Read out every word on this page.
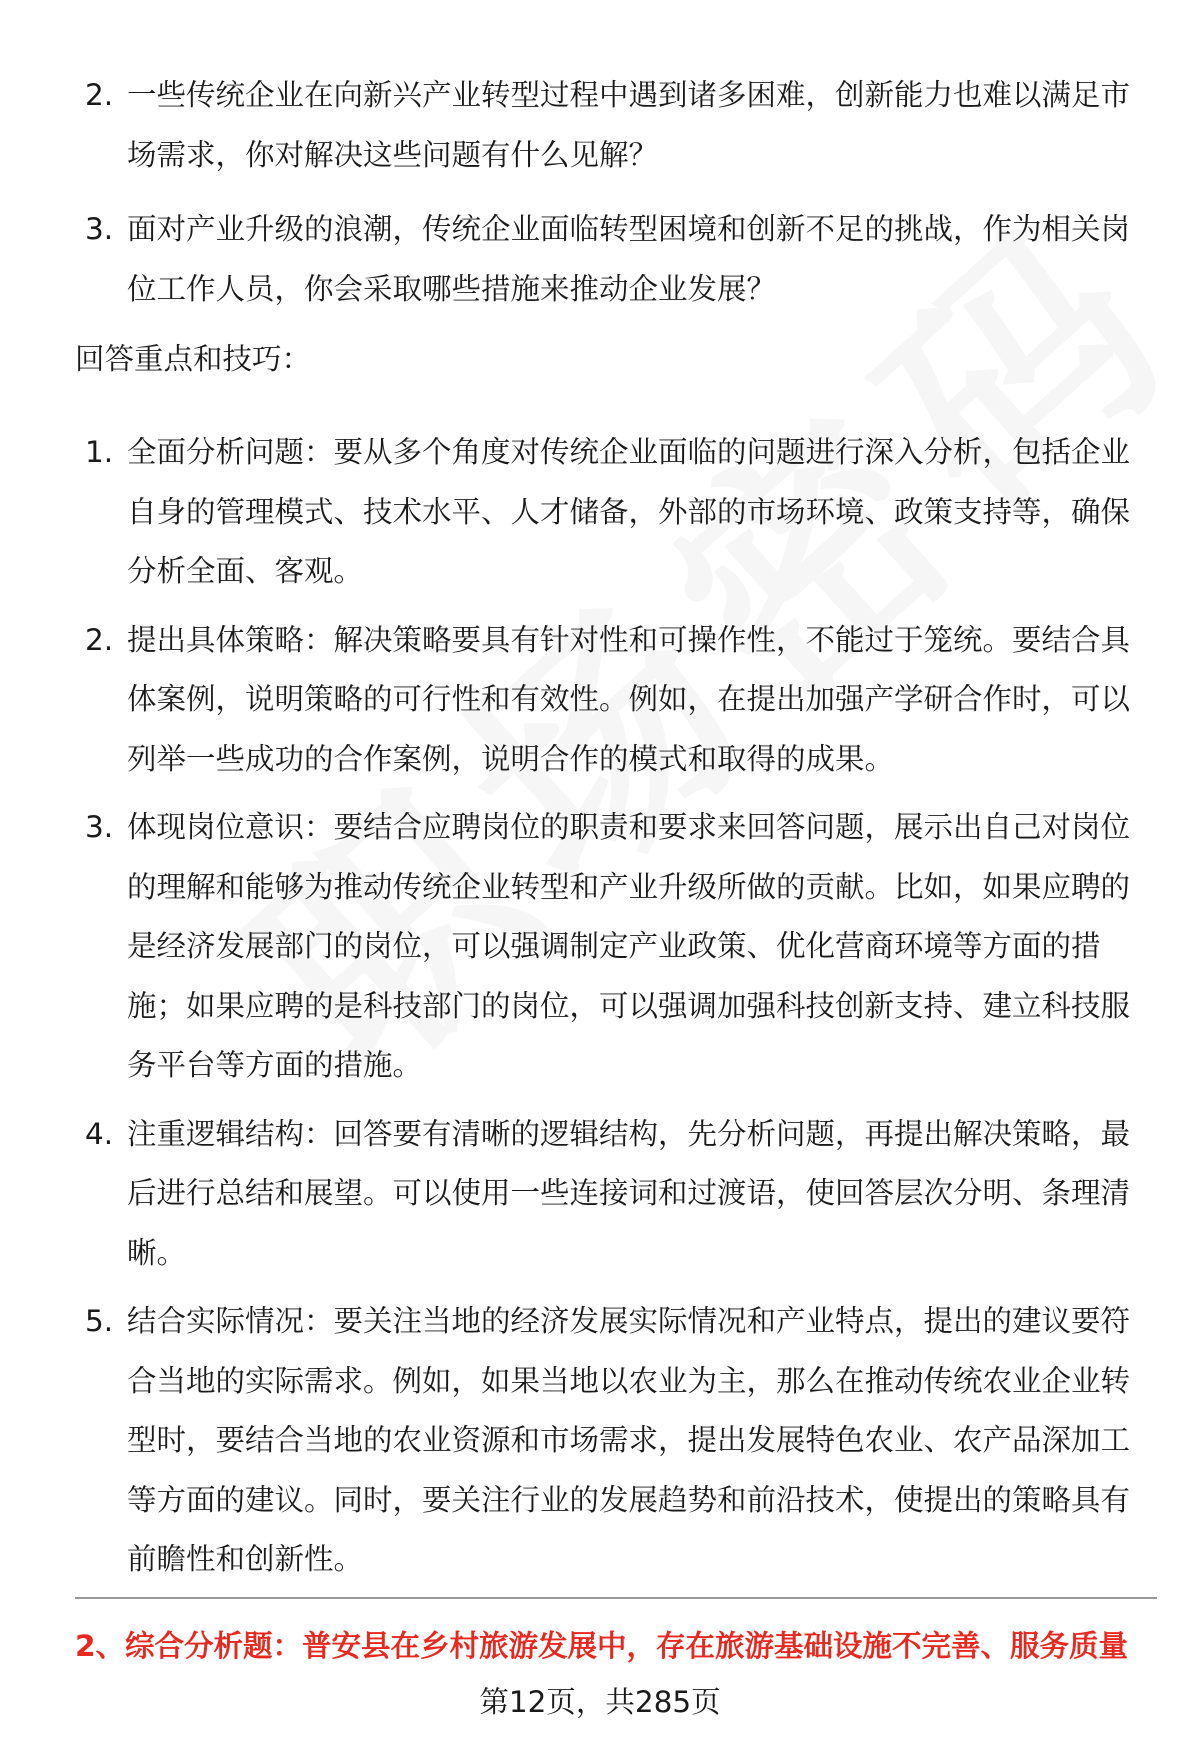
2. 一些传统企业在向新兴产业转型过程中遇到诸多困难，创新能力也难以满足市场需求，你对解决这些问题有什么见解？
3. 面对产业升级的浪潮，传统企业面临转型困境和创新不足的挑战，作为相关岗位工作人员，你会采取哪些措施来推动企业发展？
回答重点和技巧：
1. 全面分析问题：要从多个角度对传统企业面临的问题进行深入分析，包括企业自身的管理模式、技术水平、人才储备，外部的市场环境、政策支持等，确保分析全面、客观。
2. 提出具体策略：解决策略要具有针对性和可操作性，不能过于笼统。要结合具体案例，说明策略的可行性和有效性。例如，在提出加强产学研合作时，可以列举一些成功的合作案例，说明合作的模式和取得的成果。
3. 体现岗位意识：要结合应聘岗位的职责和要求来回答问题，展示出自己对岗位的理解和能够为推动传统企业转型和产业升级所做的贡献。比如，如果应聘的是经济发展部门的岗位，可以强调制定产业政策、优化营商环境等方面的措施；如果应聘的是科技部门的岗位，可以强调加强科技创新支持、建立科技服务平台等方面的措施。
4. 注重逻辑结构：回答要有清晰的逻辑结构，先分析问题，再提出解决策略，最后进行总结和展望。可以使用一些连接词和过渡语，使回答层次分明、条理清晰。
5. 结合实际情况：要关注当地的经济发展实际情况和产业特点，提出的建议要符合当地的实际需求。例如，如果当地以农业为主，那么在推动传统农业企业转型时，要结合当地的农业资源和市场需求，提出发展特色农业、农产品深加工等方面的建议。同时，要关注行业的发展趋势和前沿技术，使提出的策略具有前瞻性和创新性。
2、综合分析题：普安县在乡村旅游发展中，存在旅游基础设施不完善、服务质量
第12页，共285页
